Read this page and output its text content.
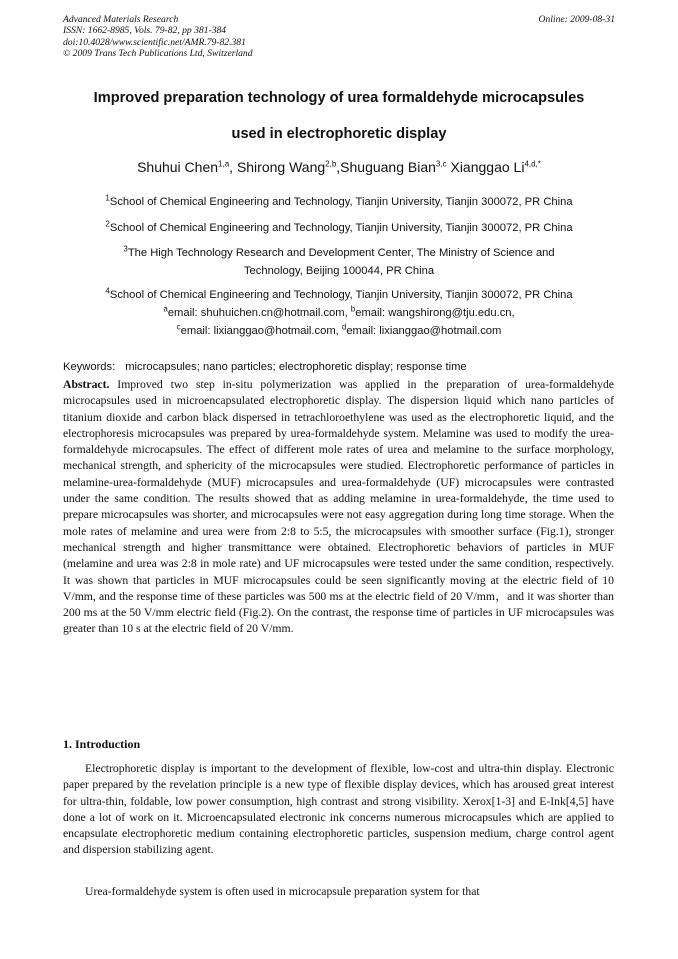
Advanced Materials Research
ISSN: 1662-8985, Vols. 79-82, pp 381-384
doi:10.4028/www.scientific.net/AMR.79-82.381
© 2009 Trans Tech Publications Ltd, Switzerland
Online: 2009-08-31
Improved preparation technology of urea formaldehyde microcapsules
used in electrophoretic display
Shuhui Chen$^{1,a}$, Shirong Wang$^{2,b}$,Shuguang Bian$^{3,c}$ Xianggao $Li^{4,d,*}$
$^1$School of Chemical Engineering and Technology, Tianjin University, Tianjin 300072, PR China
$^2$School of Chemical Engineering and Technology, Tianjin University, Tianjin 300072, PR China
$^3$The High Technology Research and Development Center, The Ministry of Science and
Technology, Beijing 100044, PR China
$^4$School of Chemical Engineering and Technology, Tianjin University, Tianjin 300072, PR China
$^a$email: shuhuichen.cn@hotmail.com, $^b$email: wangshirong@tju.edu.cn,
$^c$email: lixianggao@hotmail.com, $^d$email: lixianggao@hotmail.com
Keywords: microcapsules; nano particles; electrophoretic display; response time
Abstract. Improved two step in-situ polymerization was applied in the preparation of urea-formaldehyde microcapsules used in microencapsulated electrophoretic display. The dispersion liquid which nano particles of titanium dioxide and carbon black dispersed in tetrachloroethylene was used as the electrophoretic liquid, and the electrophoresis microcapsules was prepared by urea-formaldehyde system. Melamine was used to modify the urea-formaldehyde microcapsules. The effect of different mole rates of urea and melamine to the surface morphology, mechanical strength, and sphericity of the microcapsules were studied. Electrophoretic performance of particles in melamine-urea-formaldehyde (MUF) microcapsules and urea-formaldehyde (UF) microcapsules were contrasted under the same condition. The results showed that as adding melamine in urea-formaldehyde, the time used to prepare microcapsules was shorter, and microcapsules were not easy aggregation during long time storage. When the mole rates of melamine and urea were from 2:8 to 5:5, the microcapsules with smoother surface (Fig.1), stronger mechanical strength and higher transmittance were obtained. Electrophoretic behaviors of particles in MUF (melamine and urea was 2:8 in mole rate) and UF microcapsules were tested under the same condition, respectively. It was shown that particles in MUF microcapsules could be seen significantly moving at the electric field of 10 V/mm, and the response time of these particles was 500 ms at the electric field of 20 V/mm，and it was shorter than 200 ms at the 50 V/mm electric field (Fig.2). On the contrast, the response time of particles in UF microcapsules was greater than 10 s at the electric field of 20 V/mm.
1. Introduction
Electrophoretic display is important to the development of flexible, low-cost and ultra-thin display. Electronic paper prepared by the revelation principle is a new type of flexible display devices, which has aroused great interest for ultra-thin, foldable, low power consumption, high contrast and strong visibility. Xerox[1-3] and E-Ink[4,5] have done a lot of work on it. Microencapsulated electronic ink concerns numerous microcapsules which are applied to encapsulate electrophoretic medium containing electrophoretic particles, suspension medium, charge control agent and dispersion stabilizing agent.
Urea-formaldehyde system is often used in microcapsule preparation system for that
